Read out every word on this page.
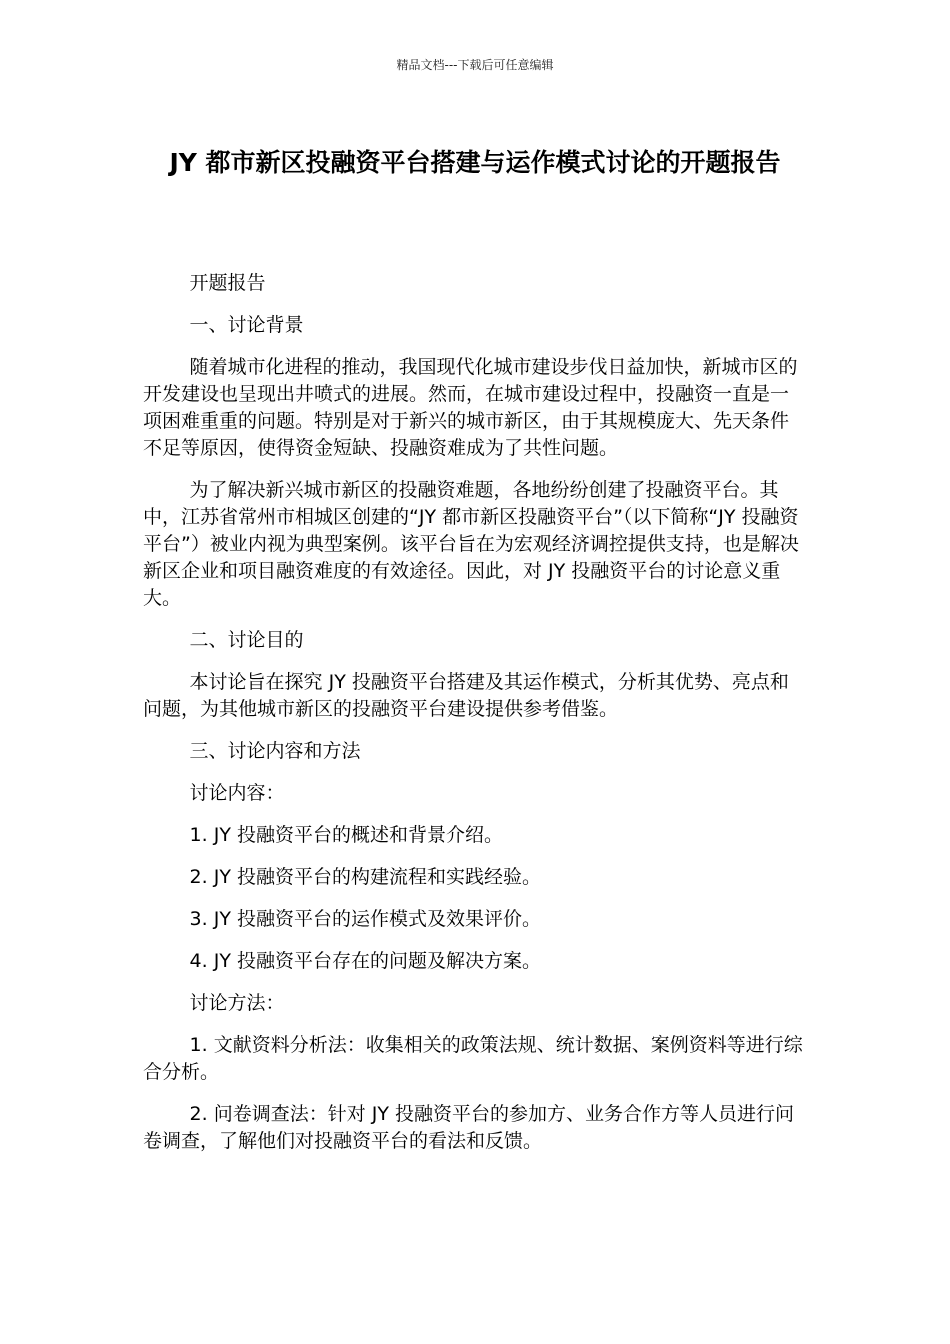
精品文档---下载后可任意编辑
JY 都市新区投融资平台搭建与运作模式讨论的开题报告

开题报告

一、讨论背景

随着城市化进程的推动，我国现代化城市建设步伐日益加快，新城市区的开发建设也呈现出井喷式的进展。然而，在城市建设过程中，投融资一直是一项困难重重的问题。特别是对于新兴的城市新区，由于其规模庞大、先天条件不足等原因，使得资金短缺、投融资难成为了共性问题。

为了解决新兴城市新区的投融资难题，各地纷纷创建了投融资平台。其中，江苏省常州市相城区创建的“JY 都市新区投融资平台”（以下简称“JY 投融资平台”）被业内视为典型案例。该平台旨在为宏观经济调控提供支持，也是解决新区企业和项目融资难度的有效途径。因此，对 JY 投融资平台的讨论意义重大。

二、讨论目的

本讨论旨在探究 JY 投融资平台搭建及其运作模式，分析其优势、亮点和问题，为其他城市新区的投融资平台建设提供参考借鉴。

三、讨论内容和方法

讨论内容：

1. JY 投融资平台的概述和背景介绍。

2. JY 投融资平台的构建流程和实践经验。

3. JY 投融资平台的运作模式及效果评价。

4. JY 投融资平台存在的问题及解决方案。

讨论方法：

1. 文献资料分析法：收集相关的政策法规、统计数据、案例资料等进行综合分析。

2. 问卷调查法：针对 JY 投融资平台的参加方、业务合作方等人员进行问卷调查，了解他们对投融资平台的看法和反馈。
